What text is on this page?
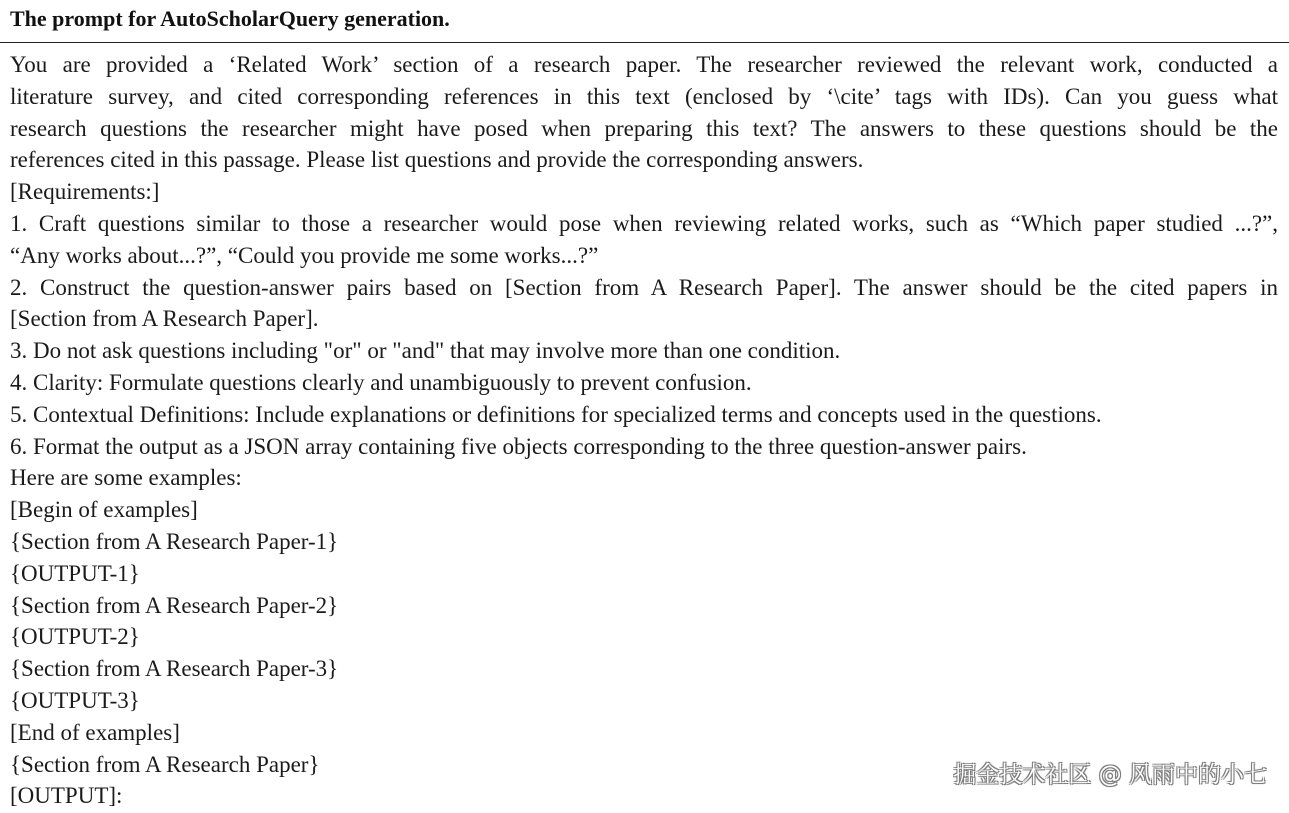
The prompt for AutoScholarQuery generation.
You are provided a ‘Related Work’ section of a research paper. The researcher reviewed the relevant work, conducted a
literature survey, and cited corresponding references in this text (enclosed by ‘\cite’ tags with IDs). Can you guess what
research questions the researcher might have posed when preparing this text? The answers to these questions should be the
references cited in this passage. Please list questions and provide the corresponding answers.
[Requirements:]
1. Craft questions similar to those a researcher would pose when reviewing related works, such as “Which paper studied ...?”,
“Any works about...?”, “Could you provide me some works...?”
2. Construct the question-answer pairs based on [Section from A Research Paper]. The answer should be the cited papers in
[Section from A Research Paper].
3. Do not ask questions including "or" or "and" that may involve more than one condition.
4. Clarity: Formulate questions clearly and unambiguously to prevent confusion.
5. Contextual Definitions: Include explanations or definitions for specialized terms and concepts used in the questions.
6. Format the output as a JSON array containing five objects corresponding to the three question-answer pairs.
Here are some examples:
[Begin of examples]
{Section from A Research Paper-1}
{OUTPUT-1}
{Section from A Research Paper-2}
{OUTPUT-2}
{Section from A Research Paper-3}
{OUTPUT-3}
[End of examples]
{Section from A Research Paper}
[OUTPUT]:
掘金技术社区 @ 风雨中的小七
